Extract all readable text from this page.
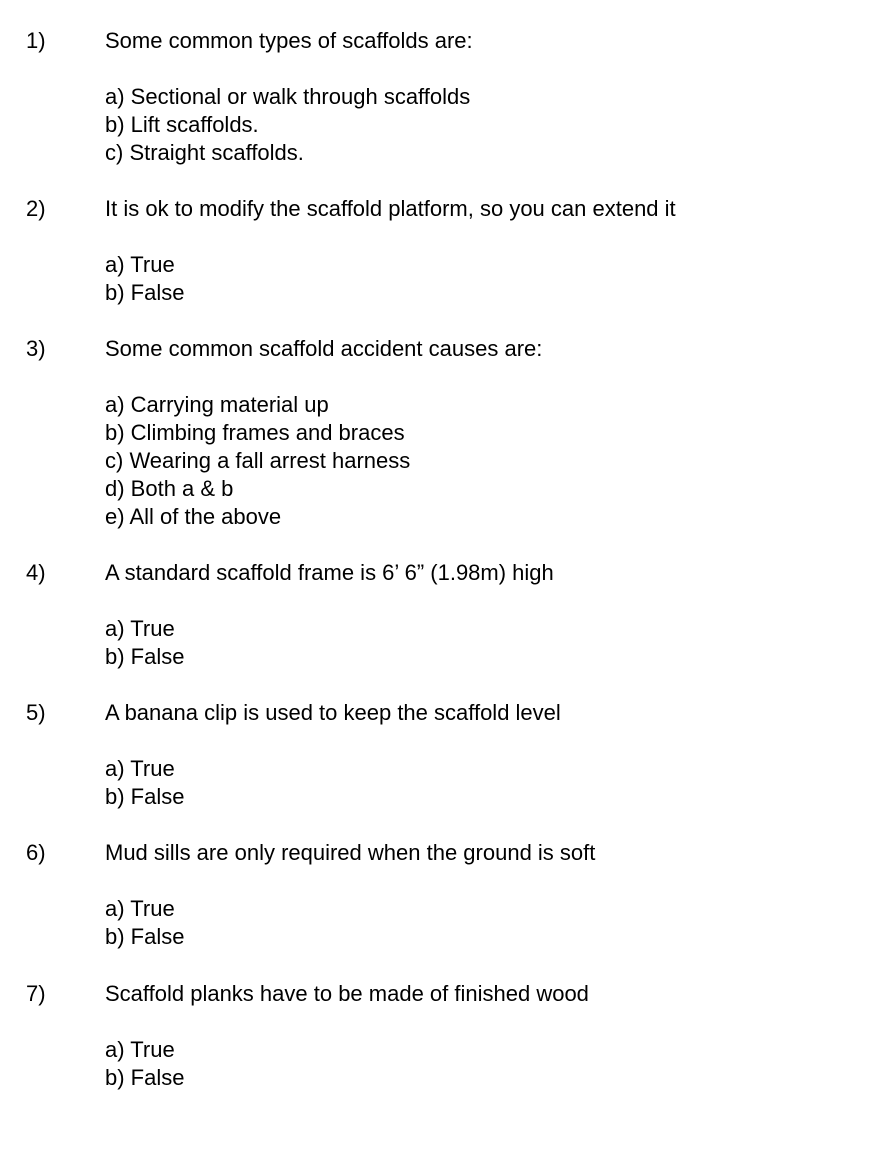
1)	Some common types of scaffolds are:
a) Sectional or walk through scaffolds
b) Lift scaffolds.
c) Straight scaffolds.
2)	It is ok to modify the scaffold platform, so you can extend it
a) True
b) False
3)	Some common scaffold accident causes are:
a) Carrying material up
b) Climbing frames and braces
c) Wearing a fall arrest harness
d) Both a & b
e) All of the above
4)	A standard scaffold frame is 6’ 6” (1.98m) high
a) True
b) False
5)	A banana clip is used to keep the scaffold level
a) True
b) False
6)	Mud sills are only required when the ground is soft
a) True
b) False
7)	Scaffold planks have to be made of finished wood
a) True
b) False
